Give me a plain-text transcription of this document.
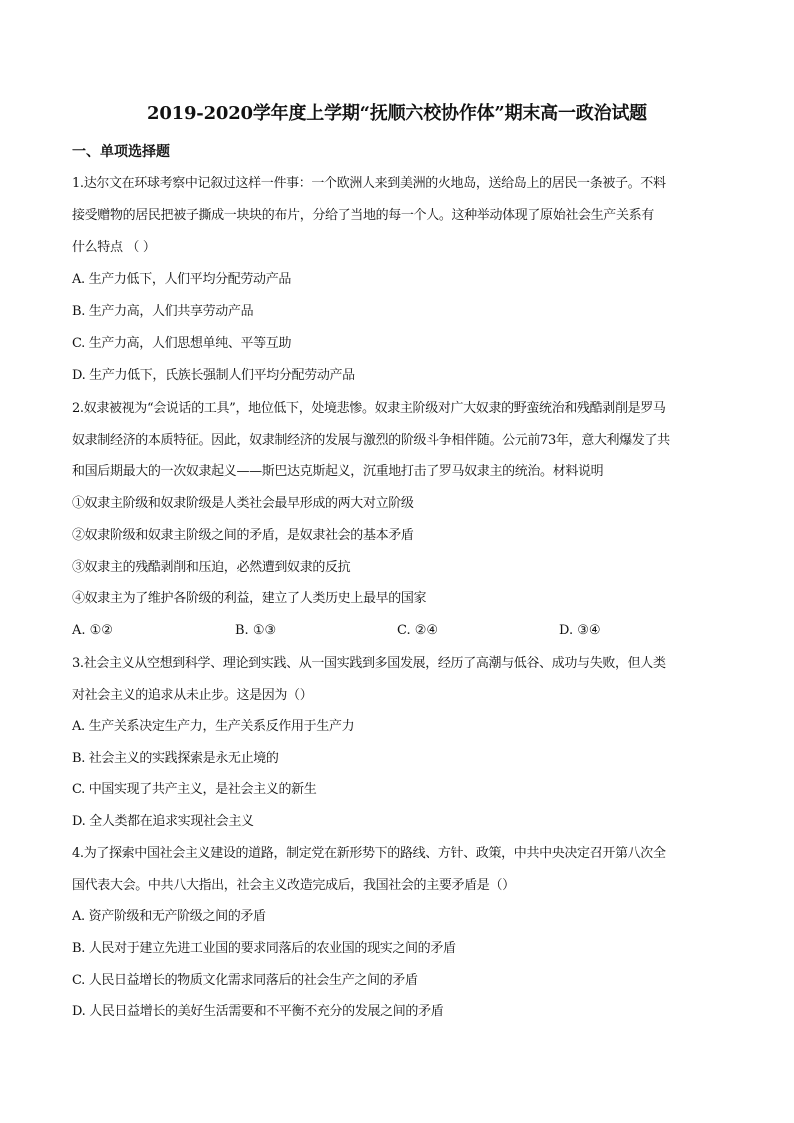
2019-2020学年度上学期“抚顺六校协作体”期末高一政治试题
一、单项选择题
1.达尔文在环球考察中记叙过这样一件事：一个欧洲人来到美洲的火地岛，送给岛上的居民一条被子。不料
接受赠物的居民把被子撕成一块块的布片，分给了当地的每一个人。这种举动体现了原始社会生产关系有
什么特点 （ ）
A. 生产力低下，人们平均分配劳动产品
B. 生产力高，人们共享劳动产品
C. 生产力高，人们思想单纯、平等互助
D. 生产力低下，氏族长强制人们平均分配劳动产品
2.奴隶被视为“会说话的工具”，地位低下，处境悲惨。奴隶主阶级对广大奴隶的野蛮统治和残酷剥削是罗马
奴隶制经济的本质特征。因此，奴隶制经济的发展与激烈的阶级斗争相伴随。公元前73年，意大利爆发了共
和国后期最大的一次奴隶起义——斯巴达克斯起义，沉重地打击了罗马奴隶主的统治。材料说明
①奴隶主阶级和奴隶阶级是人类社会最早形成的两大对立阶级
②奴隶阶级和奴隶主阶级之间的矛盾，是奴隶社会的基本矛盾
③奴隶主的残酷剥削和压迫，必然遭到奴隶的反抗
④奴隶主为了维护各阶级的利益，建立了人类历史上最早的国家
A. ①②	B. ①③	C. ②④	D. ③④
3.社会主义从空想到科学、理论到实践、从一国实践到多国发展，经历了高潮与低谷、成功与失败，但人类
对社会主义的追求从未止步。这是因为（）
A. 生产关系决定生产力，生产关系反作用于生产力
B. 社会主义的实践探索是永无止境的
C. 中国实现了共产主义，是社会主义的新生
D. 全人类都在追求实现社会主义
4.为了探索中国社会主义建设的道路，制定党在新形势下的路线、方针、政策，中共中央决定召开第八次全
国代表大会。中共八大指出，社会主义改造完成后，我国社会的主要矛盾是（）
A. 资产阶级和无产阶级之间的矛盾
B. 人民对于建立先进工业国的要求同落后的农业国的现实之间的矛盾
C. 人民日益增长的物质文化需求同落后的社会生产之间的矛盾
D. 人民日益增长的美好生活需要和不平衡不充分的发展之间的矛盾
